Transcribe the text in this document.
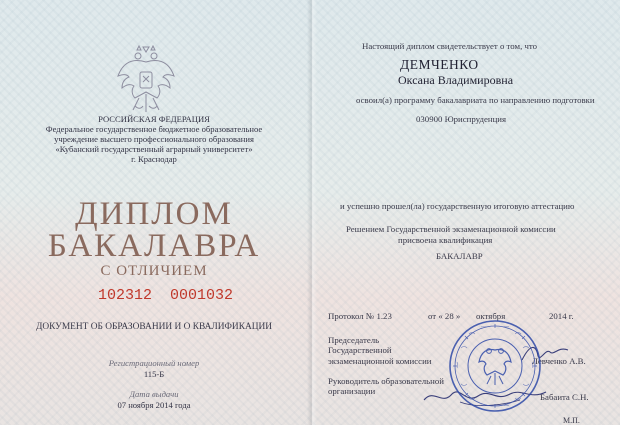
РОССИЙСКАЯ ФЕДЕРАЦИЯ
Федеральное государственное бюджетное образовательное
учреждение высшего профессионального образования
«Кубанский государственный аграрный университет»
г. Краснодар
ДИПЛОМ
БАКАЛАВРА
С ОТЛИЧИЕМ
102312 0001032
ДОКУМЕНТ ОБ ОБРАЗОВАНИИ И О КВАЛИФИКАЦИИ
Регистрационный номер
115-Б
Дата выдачи
07 ноября 2014 года
Настоящий диплом свидетельствует о том, что
ДЕМЧЕНКО
Оксана Владимировна
освоил(а) программу бакалавриата по направлению подготовки
030900 Юриспруденция
и успешно прошел(ла) государственную итоговую аттестацию
Решением Государственной экзаменационной комиссии
присвоена квалификация
БАКАЛАВР
Протокол № 1.23	от « 28 » октября	2014 г.
Председатель
Государственной
экзаменационной комиссии	Левченко А.В.
Руководитель образовательной
организации
Бабаитa С.Н.
М.П.
